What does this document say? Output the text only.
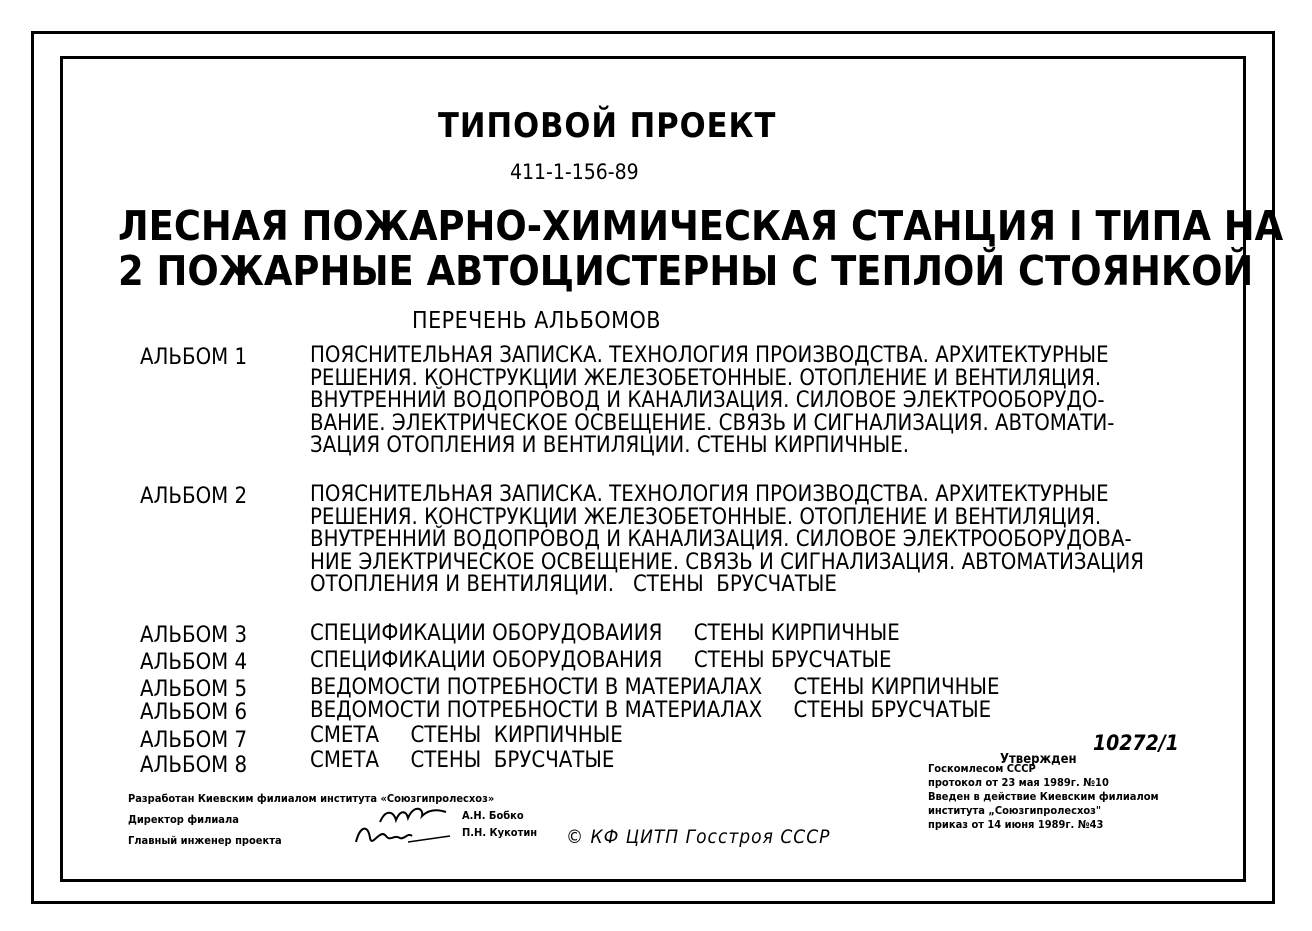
ТИПОВОЙ ПРОЕКТ
411-1-156-89
ЛЕСНАЯ ПОЖАРНО-ХИМИЧЕСКАЯ СТАНЦИЯ I ТИПА НА
2 ПОЖАРНЫЕ АВТОЦИСТЕРНЫ С ТЕПЛОЙ СТОЯНКОЙ
ПЕРЕЧЕНЬ АЛЬБОМОВ
АЛЬБОМ 1	ПОЯСНИТЕЛЬНАЯ ЗАПИСКА. ТЕХНОЛОГИЯ ПРОИЗВОДСТВА. АРХИТЕКТУРНЫЕ
РЕШЕНИЯ. КОНСТРУКЦИИ ЖЕЛЕЗОБЕТОННЫЕ. ОТОПЛЕНИЕ И ВЕНТИЛЯЦИЯ.
ВНУТРЕННИЙ ВОДОПРОВОД И КАНАЛИЗАЦИЯ. СИЛОВОЕ ЭЛЕКТРООБОРУДО-
ВАНИЕ. ЭЛЕКТРИЧЕСКОЕ ОСВЕЩЕНИЕ. СВЯЗЬ И СИГНАЛИЗАЦИЯ. АВТОМАТИ-
ЗАЦИЯ ОТОПЛЕНИЯ И ВЕНТИЛЯЦИИ. СТЕНЫ КИРПИЧНЫЕ.
АЛЬБОМ 2	ПОЯСНИТЕЛЬНАЯ ЗАПИСКА. ТЕХНОЛОГИЯ ПРОИЗВОДСТВА. АРХИТЕКТУРНЫЕ
РЕШЕНИЯ. КОНСТРУКЦИИ ЖЕЛЕЗОБЕТОННЫЕ. ОТОПЛЕНИЕ И ВЕНТИЛЯЦИЯ.
ВНУТРЕННИЙ ВОДОПРОВОД И КАНАЛИЗАЦИЯ. СИЛОВОЕ ЭЛЕКТРООБОРУДОВА-
НИЕ ЭЛЕКТРИЧЕСКОЕ ОСВЕЩЕНИЕ. СВЯЗЬ И СИГНАЛИЗАЦИЯ. АВТОМАТИЗАЦИЯ
ОТОПЛЕНИЯ И ВЕНТИЛЯЦИИ.   СТЕНЫ  БРУСЧАТЫЕ
АЛЬБОМ 3	СПЕЦИФИКАЦИИ ОБОРУДОВАИИЯ     СТЕНЫ КИРПИЧНЫЕ
АЛЬБОМ 4	СПЕЦИФИКАЦИИ ОБОРУДОВАНИЯ     СТЕНЫ БРУСЧАТЫЕ
АЛЬБОМ 5	ВЕДОМОСТИ ПОТРЕБНОСТИ В МАТЕРИАЛАХ     СТЕНЫ КИРПИЧНЫЕ
АЛЬБОМ 6	ВЕДОМОСТИ ПОТРЕБНОСТИ В МАТЕРИАЛАХ     СТЕНЫ БРУСЧАТЫЕ
АЛЬБОМ 7	СМЕТА     СТЕНЫ  КИРПИЧНЫЕ
АЛЬБОМ 8	СМЕТА     СТЕНЫ  БРУСЧАТЫЕ
Разработан Киевским филиалом института «Союзгипролесхоз»
Директор филиала
Главный инженер проекта
А.Н. Бобко
П.Н. Кукотин © КФ ЦИТП Госстроя СССР
10272/1
Утвержден
Госкомлесом СССР
протокол от 23 мая 1989г. №10
Введен в действие Киевским филиалом
института „Союзгипролесхоз"
приказ от 14 июня 1989г. №43
